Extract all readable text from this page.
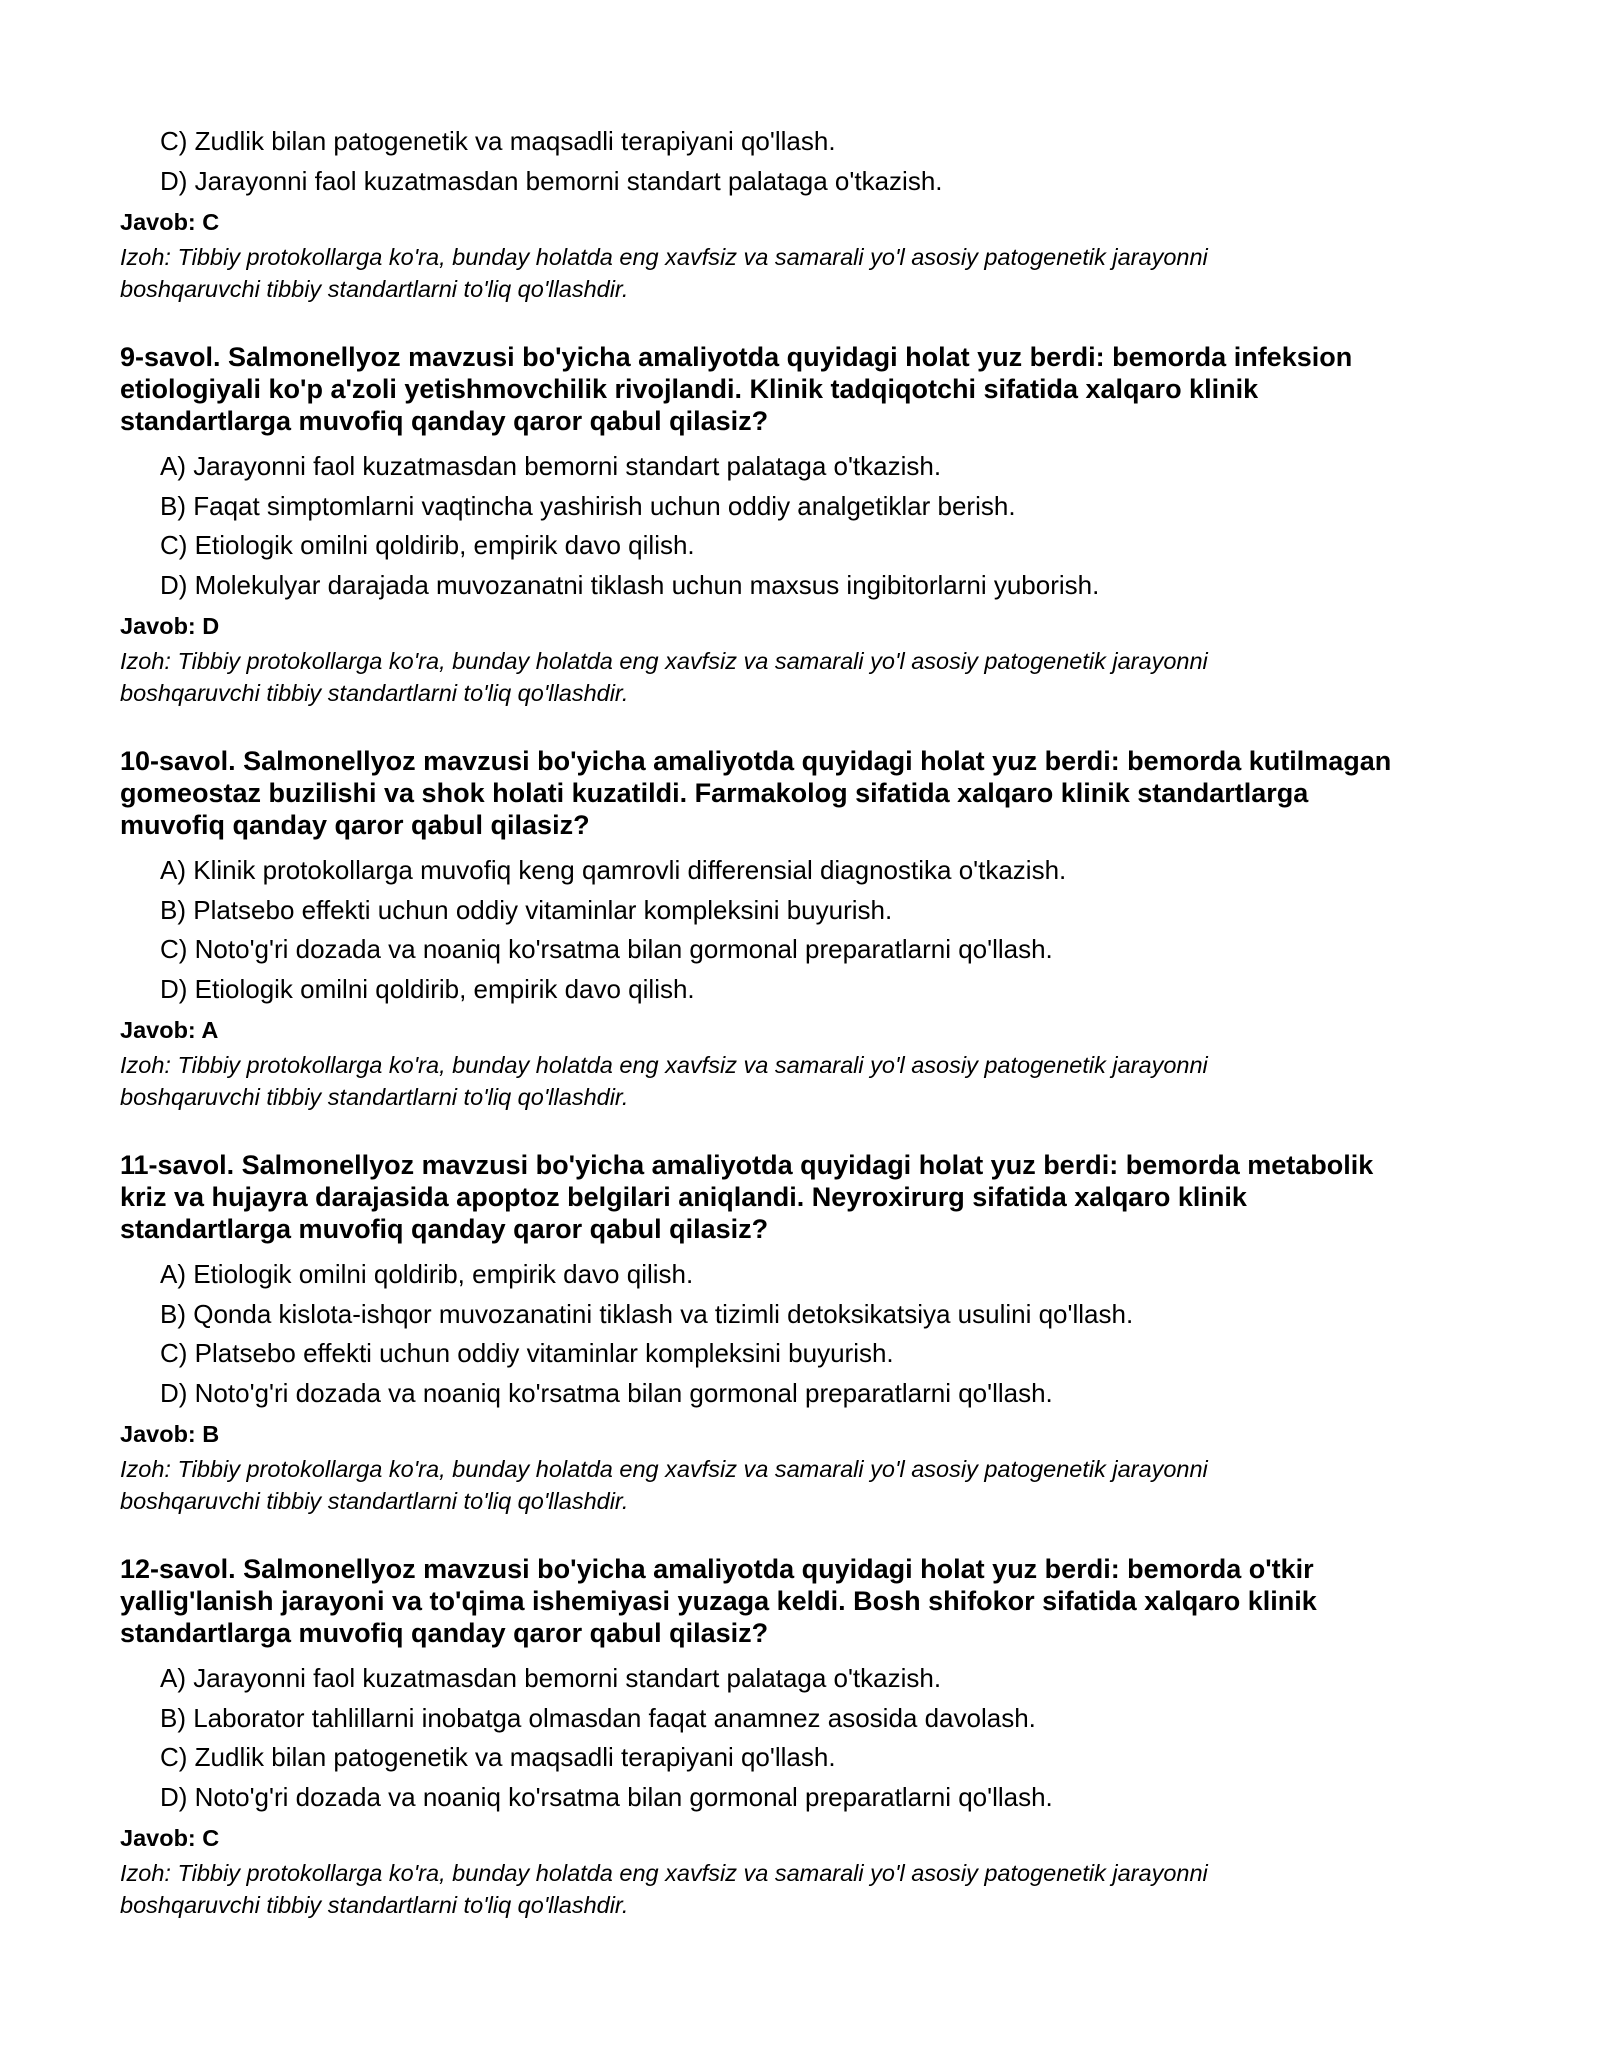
C) Zudlik bilan patogenetik va maqsadli terapiyani qo'llash.
D) Jarayonni faol kuzatmasdan bemorni standart palataga o'tkazish.
Javob: C
Izoh: Tibbiy protokollarga ko'ra, bunday holatda eng xavfsiz va samarali yo'l asosiy patogenetik jarayonni
boshqaruvchi tibbiy standartlarni to'liq qo'llashdir.
9-savol. Salmonellyoz mavzusi bo'yicha amaliyotda quyidagi holat yuz berdi: bemorda infeksion
etiologiyali ko'p a'zoli yetishmovchilik rivojlandi. Klinik tadqiqotchi sifatida xalqaro klinik
standartlarga muvofiq qanday qaror qabul qilasiz?
A) Jarayonni faol kuzatmasdan bemorni standart palataga o'tkazish.
B) Faqat simptomlarni vaqtincha yashirish uchun oddiy analgetiklar berish.
C) Etiologik omilni qoldirib, empirik davo qilish.
D) Molekulyar darajada muvozanatni tiklash uchun maxsus ingibitorlarni yuborish.
Javob: D
Izoh: Tibbiy protokollarga ko'ra, bunday holatda eng xavfsiz va samarali yo'l asosiy patogenetik jarayonni
boshqaruvchi tibbiy standartlarni to'liq qo'llashdir.
10-savol. Salmonellyoz mavzusi bo'yicha amaliyotda quyidagi holat yuz berdi: bemorda kutilmagan
gomeostaz buzilishi va shok holati kuzatildi. Farmakolog sifatida xalqaro klinik standartlarga
muvofiq qanday qaror qabul qilasiz?
A) Klinik protokollarga muvofiq keng qamrovli differensial diagnostika o'tkazish.
B) Platsebo effekti uchun oddiy vitaminlar kompleksini buyurish.
C) Noto'g'ri dozada va noaniq ko'rsatma bilan gormonal preparatlarni qo'llash.
D) Etiologik omilni qoldirib, empirik davo qilish.
Javob: A
Izoh: Tibbiy protokollarga ko'ra, bunday holatda eng xavfsiz va samarali yo'l asosiy patogenetik jarayonni
boshqaruvchi tibbiy standartlarni to'liq qo'llashdir.
11-savol. Salmonellyoz mavzusi bo'yicha amaliyotda quyidagi holat yuz berdi: bemorda metabolik
kriz va hujayra darajasida apoptoz belgilari aniqlandi. Neyroxirurg sifatida xalqaro klinik
standartlarga muvofiq qanday qaror qabul qilasiz?
A) Etiologik omilni qoldirib, empirik davo qilish.
B) Qonda kislota-ishqor muvozanatini tiklash va tizimli detoksikatsiya usulini qo'llash.
C) Platsebo effekti uchun oddiy vitaminlar kompleksini buyurish.
D) Noto'g'ri dozada va noaniq ko'rsatma bilan gormonal preparatlarni qo'llash.
Javob: B
Izoh: Tibbiy protokollarga ko'ra, bunday holatda eng xavfsiz va samarali yo'l asosiy patogenetik jarayonni
boshqaruvchi tibbiy standartlarni to'liq qo'llashdir.
12-savol. Salmonellyoz mavzusi bo'yicha amaliyotda quyidagi holat yuz berdi: bemorda o'tkir
yallig'lanish jarayoni va to'qima ishemiyasi yuzaga keldi. Bosh shifokor sifatida xalqaro klinik
standartlarga muvofiq qanday qaror qabul qilasiz?
A) Jarayonni faol kuzatmasdan bemorni standart palataga o'tkazish.
B) Laborator tahlillarni inobatga olmasdan faqat anamnez asosida davolash.
C) Zudlik bilan patogenetik va maqsadli terapiyani qo'llash.
D) Noto'g'ri dozada va noaniq ko'rsatma bilan gormonal preparatlarni qo'llash.
Javob: C
Izoh: Tibbiy protokollarga ko'ra, bunday holatda eng xavfsiz va samarali yo'l asosiy patogenetik jarayonni
boshqaruvchi tibbiy standartlarni to'liq qo'llashdir.
